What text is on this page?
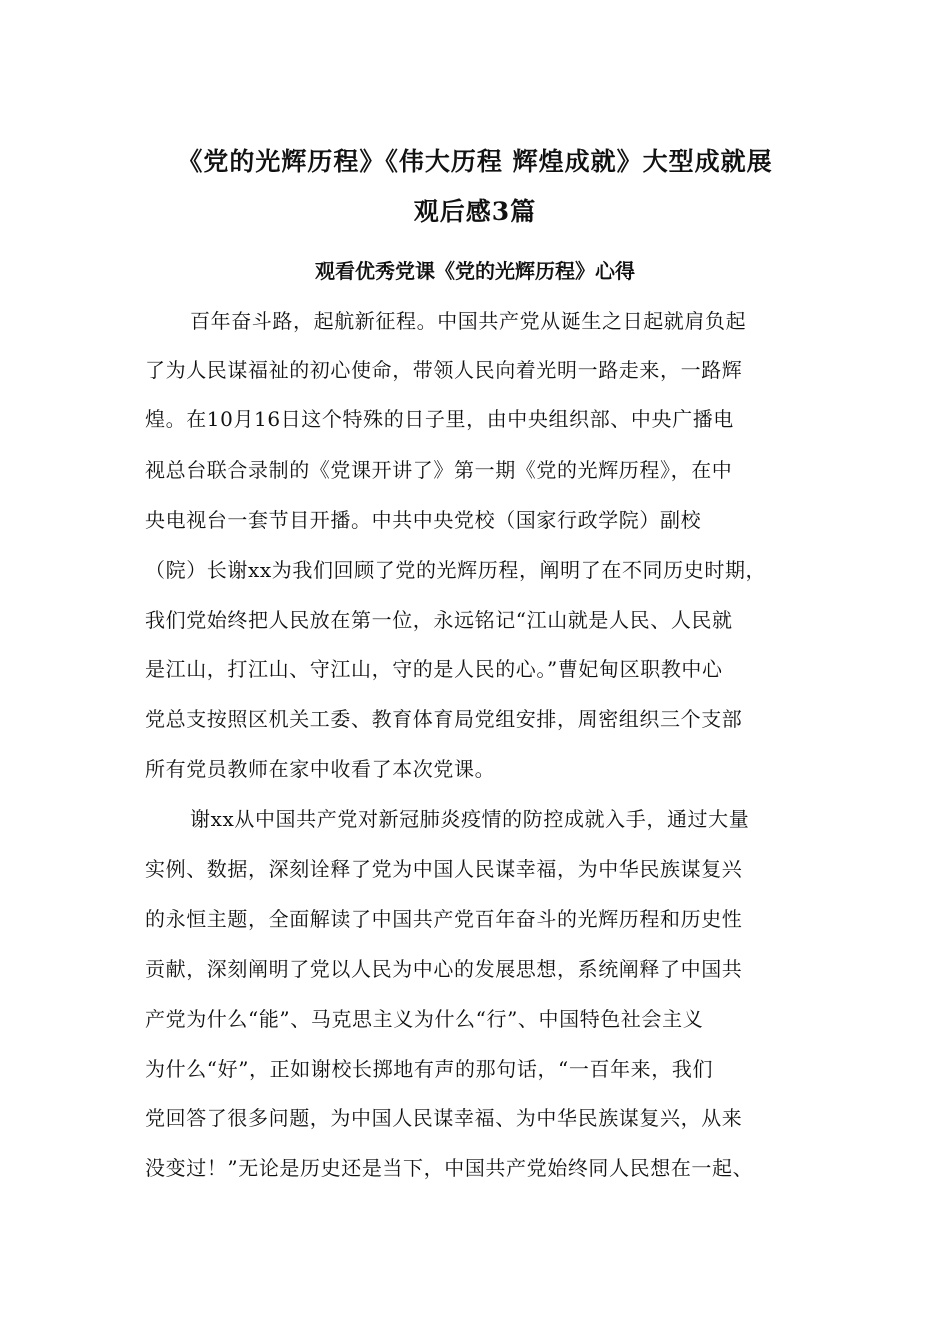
《党的光辉历程》《伟大历程 辉煌成就》大型成就展
观后感3篇
观看优秀党课《党的光辉历程》心得
百年奋斗路，起航新征程。中国共产党从诞生之日起就肩负起
了为人民谋福祉的初心使命，带领人民向着光明一路走来，一路辉
煌。在10月16日这个特殊的日子里，由中央组织部、中央广播电
视总台联合录制的《党课开讲了》第一期《党的光辉历程》，在中
央电视台一套节目开播。中共中央党校（国家行政学院）副校
（院）长谢xx为我们回顾了党的光辉历程，阐明了在不同历史时期，
我们党始终把人民放在第一位，永远铭记“江山就是人民、人民就
是江山，打江山、守江山，守的是人民的心。”曹妃甸区职教中心
党总支按照区机关工委、教育体育局党组安排，周密组织三个支部
所有党员教师在家中收看了本次党课。
谢xx从中国共产党对新冠肺炎疫情的防控成就入手，通过大量
实例、数据，深刻诠释了党为中国人民谋幸福，为中华民族谋复兴
的永恒主题，全面解读了中国共产党百年奋斗的光辉历程和历史性
贡献，深刻阐明了党以人民为中心的发展思想，系统阐释了中国共
产党为什么“能”、马克思主义为什么“行”、中国特色社会主义
为什么“好”，正如谢校长掷地有声的那句话，“一百年来，我们
党回答了很多问题，为中国人民谋幸福、为中华民族谋复兴，从来
没变过！”无论是历史还是当下，中国共产党始终同人民想在一起、
